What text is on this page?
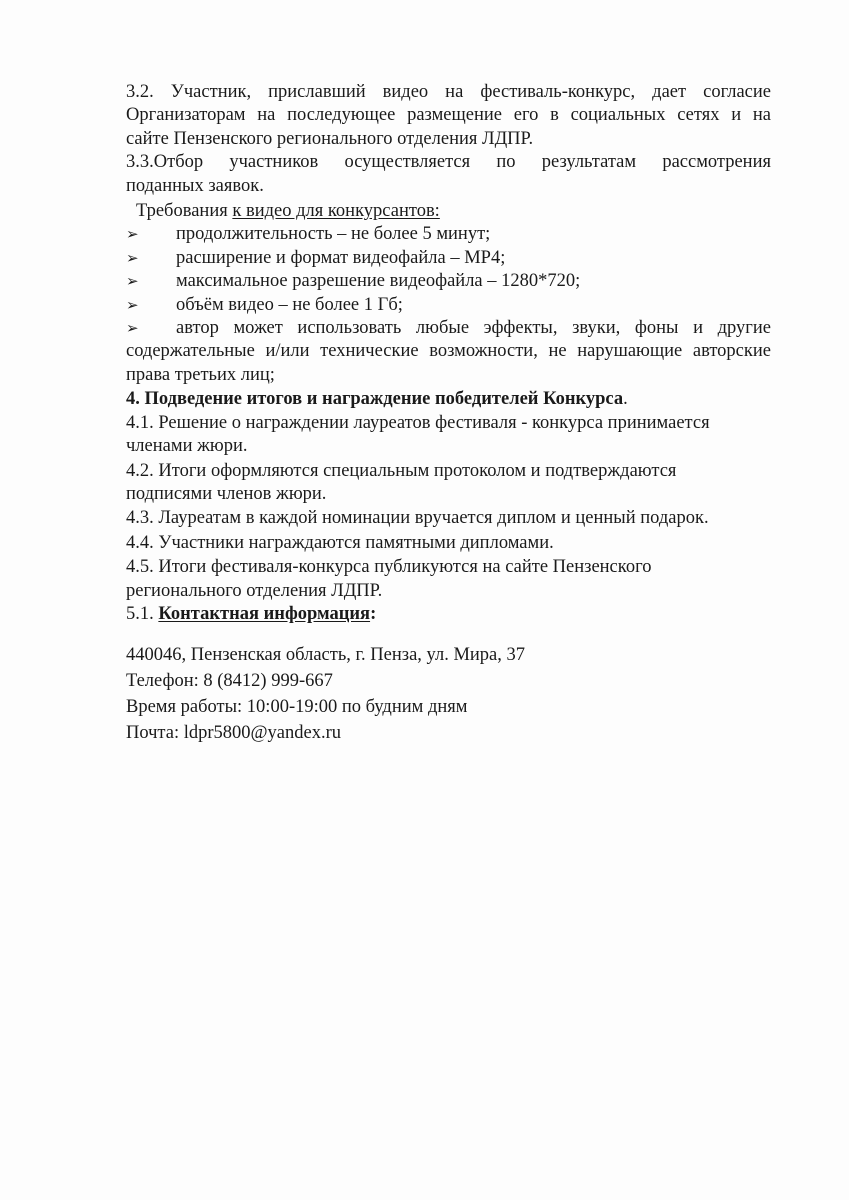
3.2. Участник, приславший видео на фестиваль-конкурс, дает согласие

Организаторам на последующее размещение его в социальных сетях и на

сайте Пензенского регионального отделения ЛДПР.

3.3.Отбор участников осуществляется по результатам рассмотрения

поданных заявок.

Требования к видео для конкурсантов:

➢ продолжительность – не более 5 минут;
➢ расширение и формат видеофайла – МР4;
➢ максимальное разрешение видеофайла – 1280*720;
➢ объём видео – не более 1 Гб;
➢	автор может использовать любые эффекты, звуки, фоны и другие
содержательные и/или технические возможности, не нарушающие авторские
права третьих лиц;

4. Подведение итогов и награждение победителей Конкурса.

4.1. Решение о награждении лауреатов фестиваля - конкурса принимается

членами жюри.

4.2. Итоги оформляются специальным протоколом и подтверждаются

подписями членов жюри.

4.3. Лауреатам в каждой номинации вручается диплом и ценный подарок.

4.4. Участники награждаются памятными дипломами.

4.5. Итоги фестиваля-конкурса публикуются на сайте Пензенского

регионального отделения ЛДПР.

5.1. Контактная информация:

440046, Пензенская область, г. Пенза, ул. Мира, 37

Телефон: 8 (8412) 999-667

Время работы: 10:00-19:00 по будним дням

Почта: ldpr5800@yandex.ru
